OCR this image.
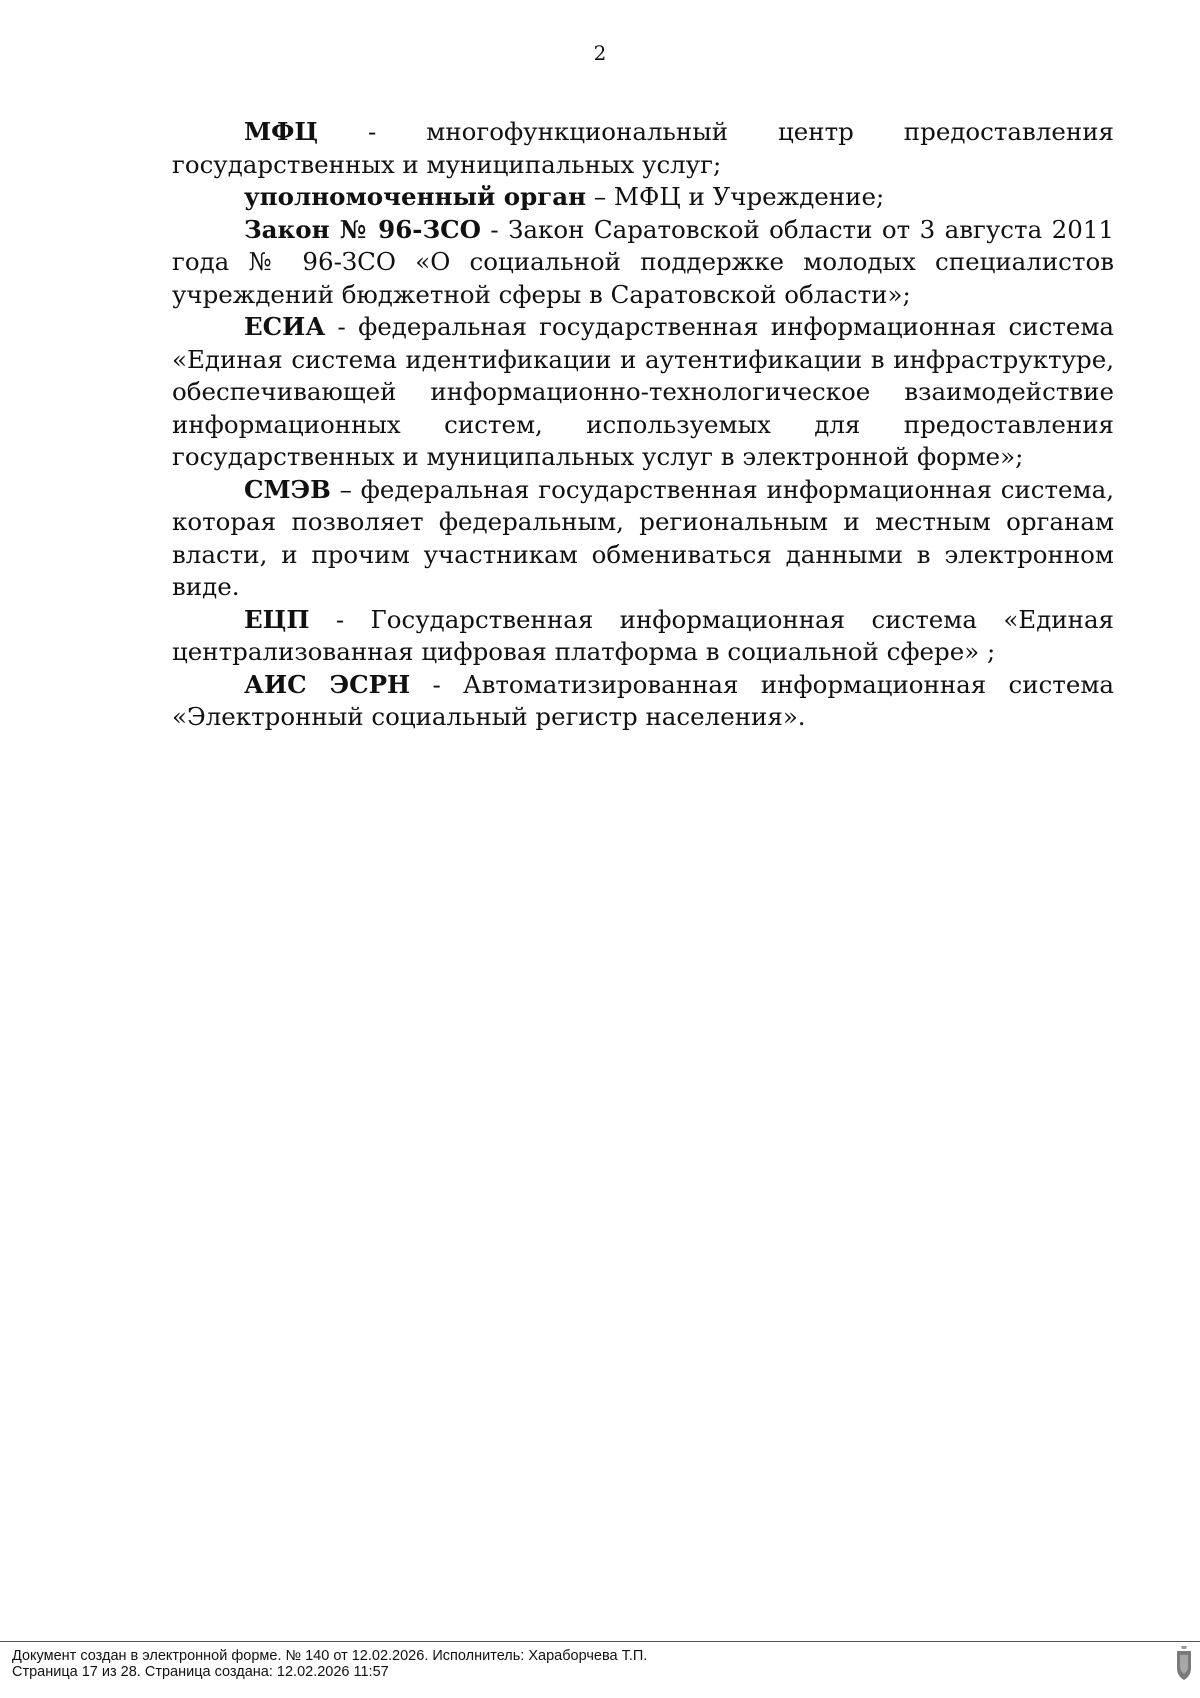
2

МФЦ - многофункциональный центр предоставления государственных и муниципальных услуг;

уполномоченный орган – МФЦ и Учреждение;

Закон № 96-ЗСО - Закон Саратовской области от 3 августа 2011 года № 96-ЗСО «О социальной поддержке молодых специалистов учреждений бюджетной сферы в Саратовской области»;

ЕСИА - федеральная государственная информационная система «Единая система идентификации и аутентификации в инфраструктуре, обеспечивающей информационно-технологическое взаимодействие информационных систем, используемых для предоставления государственных и муниципальных услуг в электронной форме»;

СМЭВ – федеральная государственная информационная система, которая позволяет федеральным, региональным и местным органам власти, и прочим участникам обмениваться данными в электронном виде.

ЕЦП - Государственная информационная система «Единая централизованная цифровая платформа в социальной сфере» ;

АИС ЭСРН - Автоматизированная информационная система «Электронный социальный регистр населения».

Документ создан в электронной форме. № 140 от 12.02.2026. Исполнитель: Хараборчева Т.П.
Страница 17 из 28. Страница создана: 12.02.2026 11:57
